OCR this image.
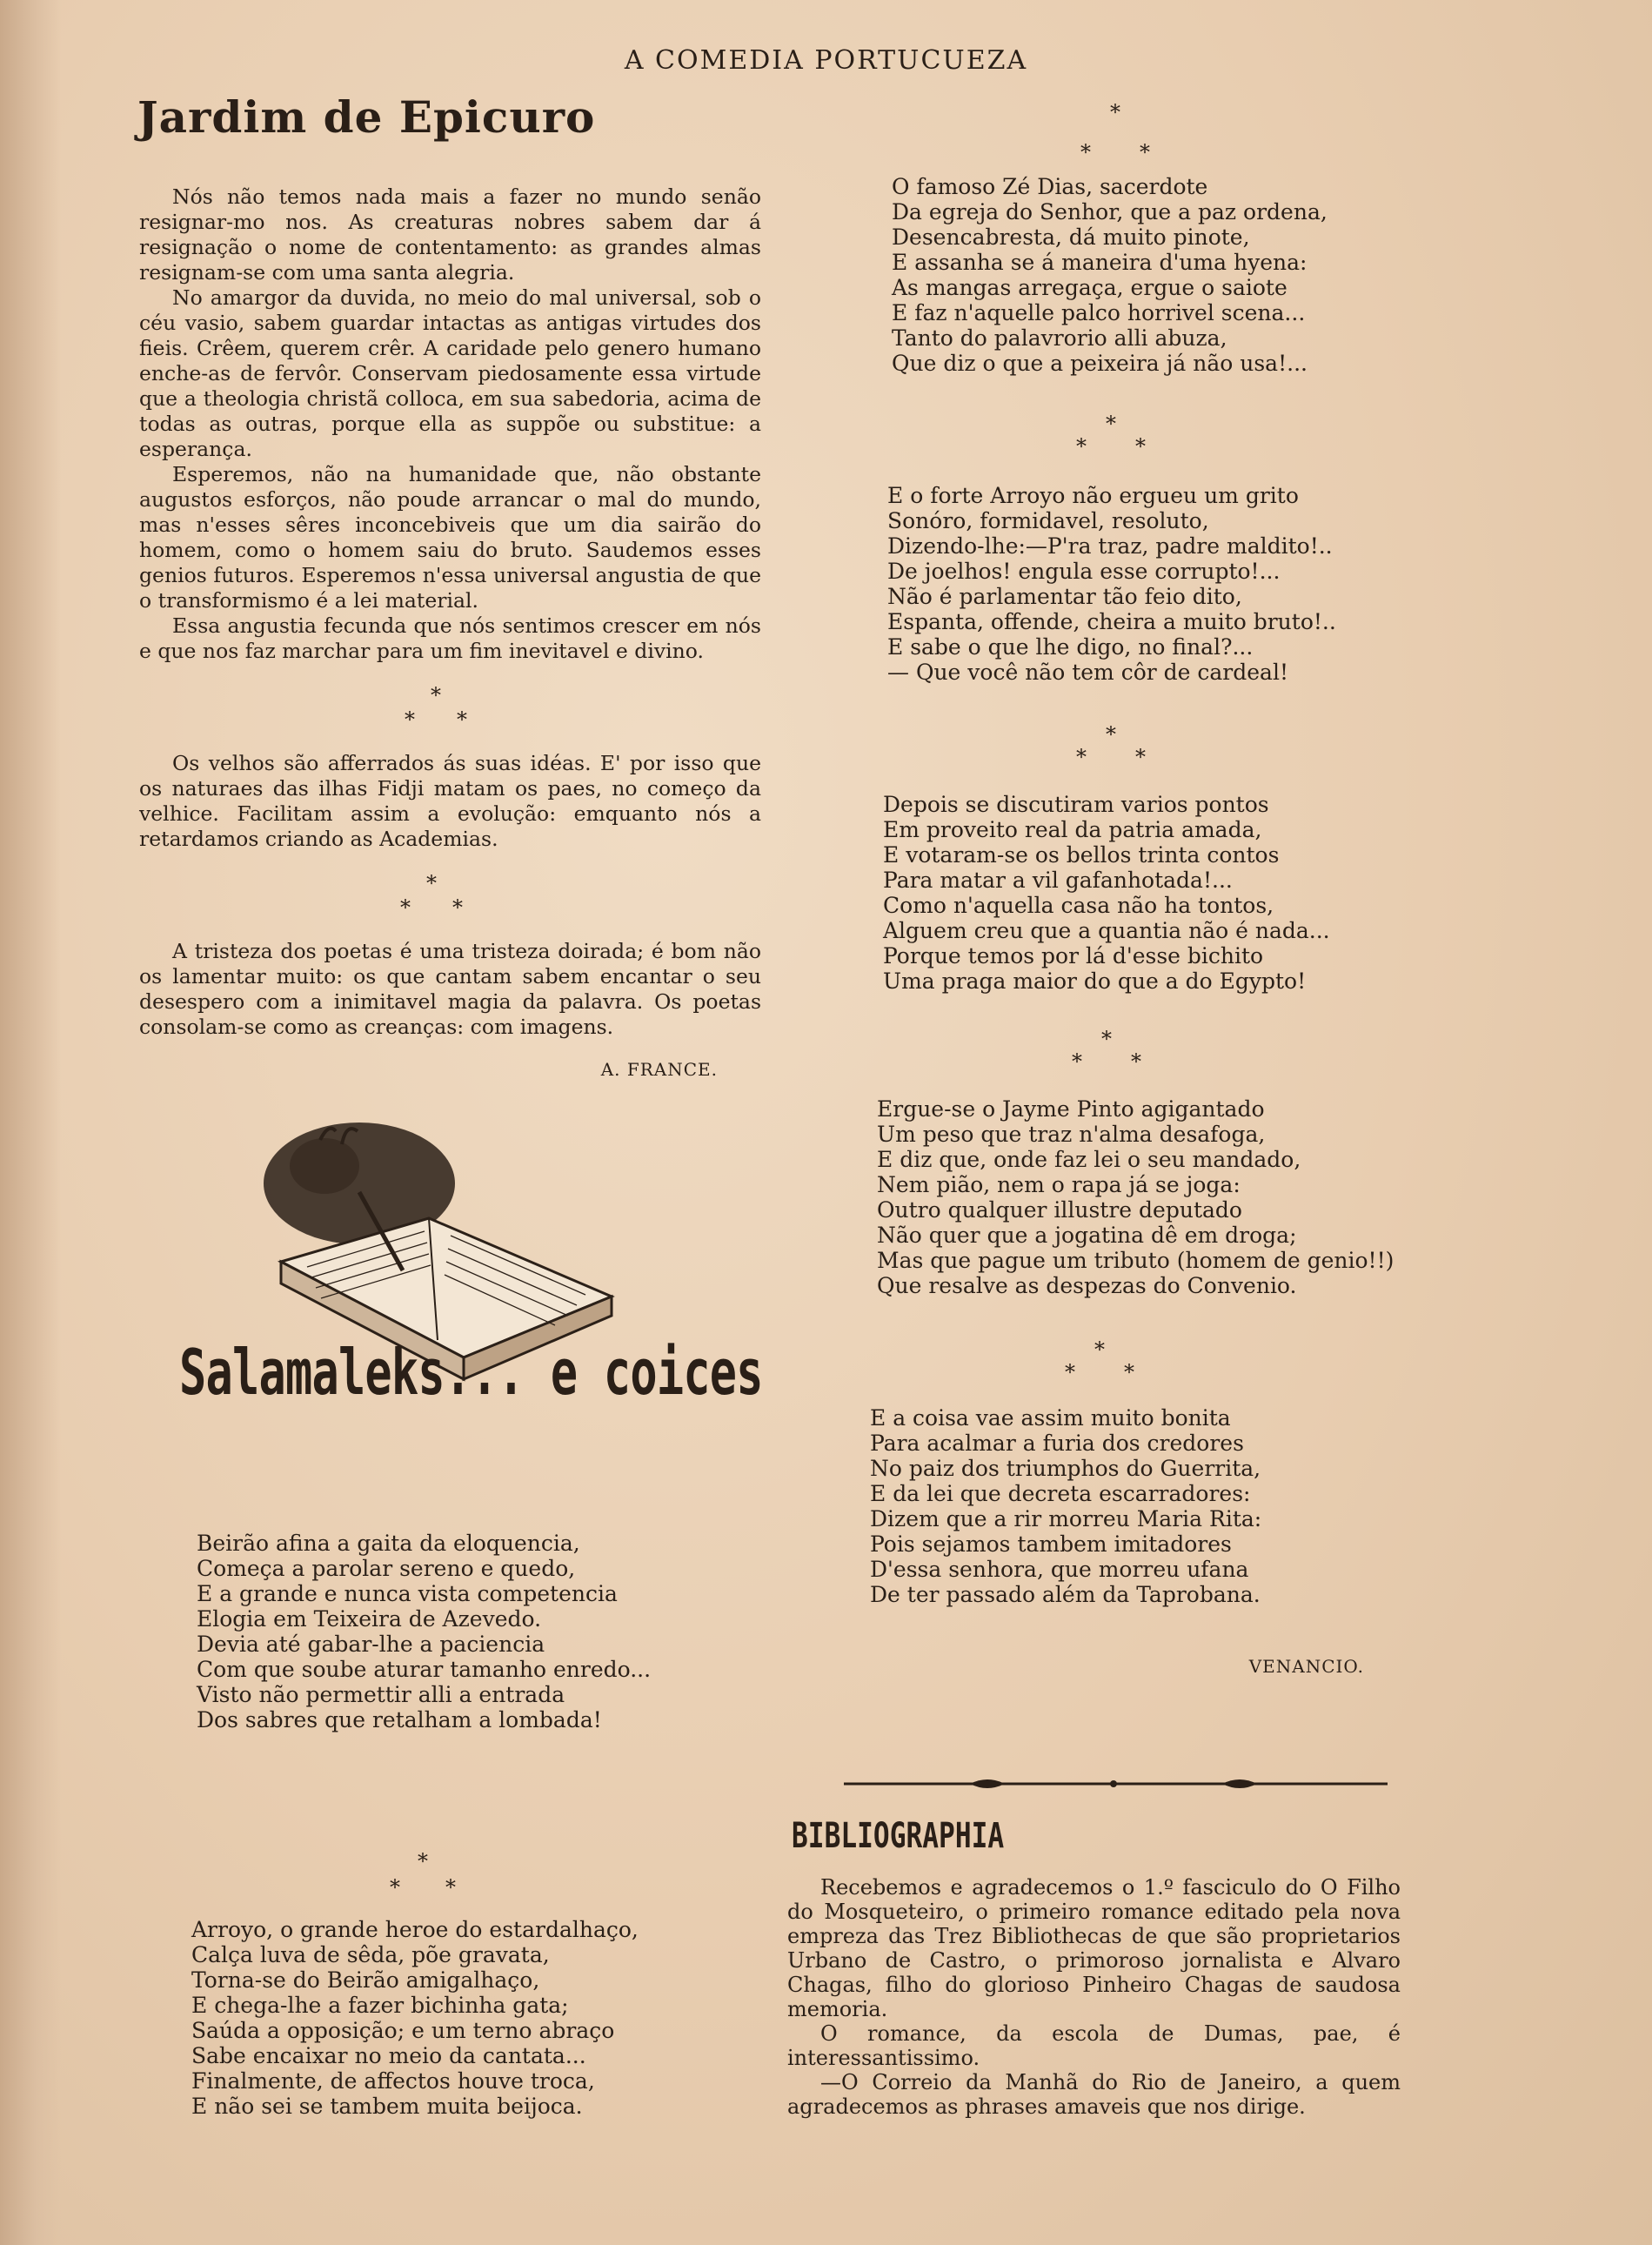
A COMEDIA PORTUCUEZA
Jardim de Epicuro

Nós não temos nada mais a fazer no mundo senão resignar-mo nos. As creaturas nobres sabem dar á resignação o nome de contentamento: as grandes almas resignam-se com uma santa alegria.

No amargor da duvida, no meio do mal universal, sob o céu vasio, sabem guardar intactas as antigas virtudes dos fieis. Crêem, querem crêr. A caridade pelo genero humano enche-as de fervôr. Conservam piedosamente essa virtude que a theologia christã colloca, em sua sabedoria, acima de todas as outras, porque ella as suppõe ou substitue: a esperança.

Esperemos, não na humanidade que, não obstante augustos esforços, não poude arrancar o mal do mundo, mas n'esses sêres inconcebiveis que um dia sairão do homem, como o homem saiu do bruto. Saudemos esses genios futuros. Esperemos n'essa universal angustia de que o transformismo é a lei material.

Essa angustia fecunda que nós sentimos crescer em nós e que nos faz marchar para um fim inevitavel e divino.

*
* *

Os velhos são afferrados ás suas idéas. E' por isso que os naturaes das ilhas Fidji matam os paes, no começo da velhice. Facilitam assim a evolução: emquanto nós a retardamos criando as Academias.

*
* *

A tristeza dos poetas é uma tristeza doirada; é bom não os lamentar muito: os que cantam sabem encantar o seu desespero com a inimitavel magia da palavra. Os poetas consolam-se como as creanças: com imagens.

A. FRANCE.
Salamaleks... e coices
Beirão afina a gaita da eloquencia,
Começa a parolar sereno e quedo,
E a grande e nunca vista competencia
Elogia em Teixeira de Azevedo.
Devia até gabar-lhe a paciencia
Com que soube aturar tamanho enredo...
Visto não permettir alli a entrada
Dos sabres que retalham a lombada!
*
* *
Arroyo, o grande heroe do estardalhaço,
Calça luva de sêda, põe gravata,
Torna-se do Beirão amigalhaço,
E chega-lhe a fazer bichinha gata;
Saúda a opposição; e um terno abraço
Sabe encaixar no meio da cantata...
Finalmente, de affectos houve troca,
E não sei se tambem muita beijoca.
*
* *
O famoso Zé Dias, sacerdote
Da egreja do Senhor, que a paz ordena,
Desencabresta, dá muito pinote,
E assanha se á maneira d'uma hyena:
As mangas arregaça, ergue o saiote
E faz n'aquelle palco horrivel scena...
Tanto do palavrorio alli abuza,
Que diz o que a peixeira já não usa!...
*
* *
E o forte Arroyo não ergueu um grito
Sonóro, formidavel, resoluto,
Dizendo-lhe:—P'ra traz, padre maldito!..
De joelhos! engula esse corrupto!...
Não é parlamentar tão feio dito,
Espanta, offende, cheira a muito bruto!..
E sabe o que lhe digo, no final?...
— Que você não tem côr de cardeal!
*
* *
Depois se discutiram varios pontos
Em proveito real da patria amada,
E votaram-se os bellos trinta contos
Para matar a vil gafanhotada!...
Como n'aquella casa não ha tontos,
Alguem creu que a quantia não é nada...
Porque temos por lá d'esse bichito
Uma praga maior do que a do Egypto!
*
* *
Ergue-se o Jayme Pinto agigantado
Um peso que traz n'alma desafoga,
E diz que, onde faz lei o seu mandado,
Nem pião, nem o rapa já se joga:
Outro qualquer illustre deputado
Não quer que a jogatina dê em droga;
Mas que pague um tributo (homem de genio!!)
Que resalve as despezas do Convenio.
*
* *
E a coisa vae assim muito bonita
Para acalmar a furia dos credores
No paiz dos triumphos do Guerrita,
E da lei que decreta escarradores:
Dizem que a rir morreu Maria Rita:
Pois sejamos tambem imitadores
D'essa senhora, que morreu ufana
De ter passado além da Taprobana.
VENANCIO.
BIBLIOGRAPHIA

Recebemos e agradecemos o 1.º fasciculo do O Filho do Mosqueteiro, o primeiro romance editado pela nova empreza das Trez Bibliothecas de que são proprietarios Urbano de Castro, o primoroso jornalista e Alvaro Chagas, filho do glorioso Pinheiro Chagas de saudosa memoria.

O romance, da escola de Dumas, pae, é interessantissimo.

—O Correio da Manhã do Rio de Janeiro, a quem agradecemos as phrases amaveis que nos dirige.
